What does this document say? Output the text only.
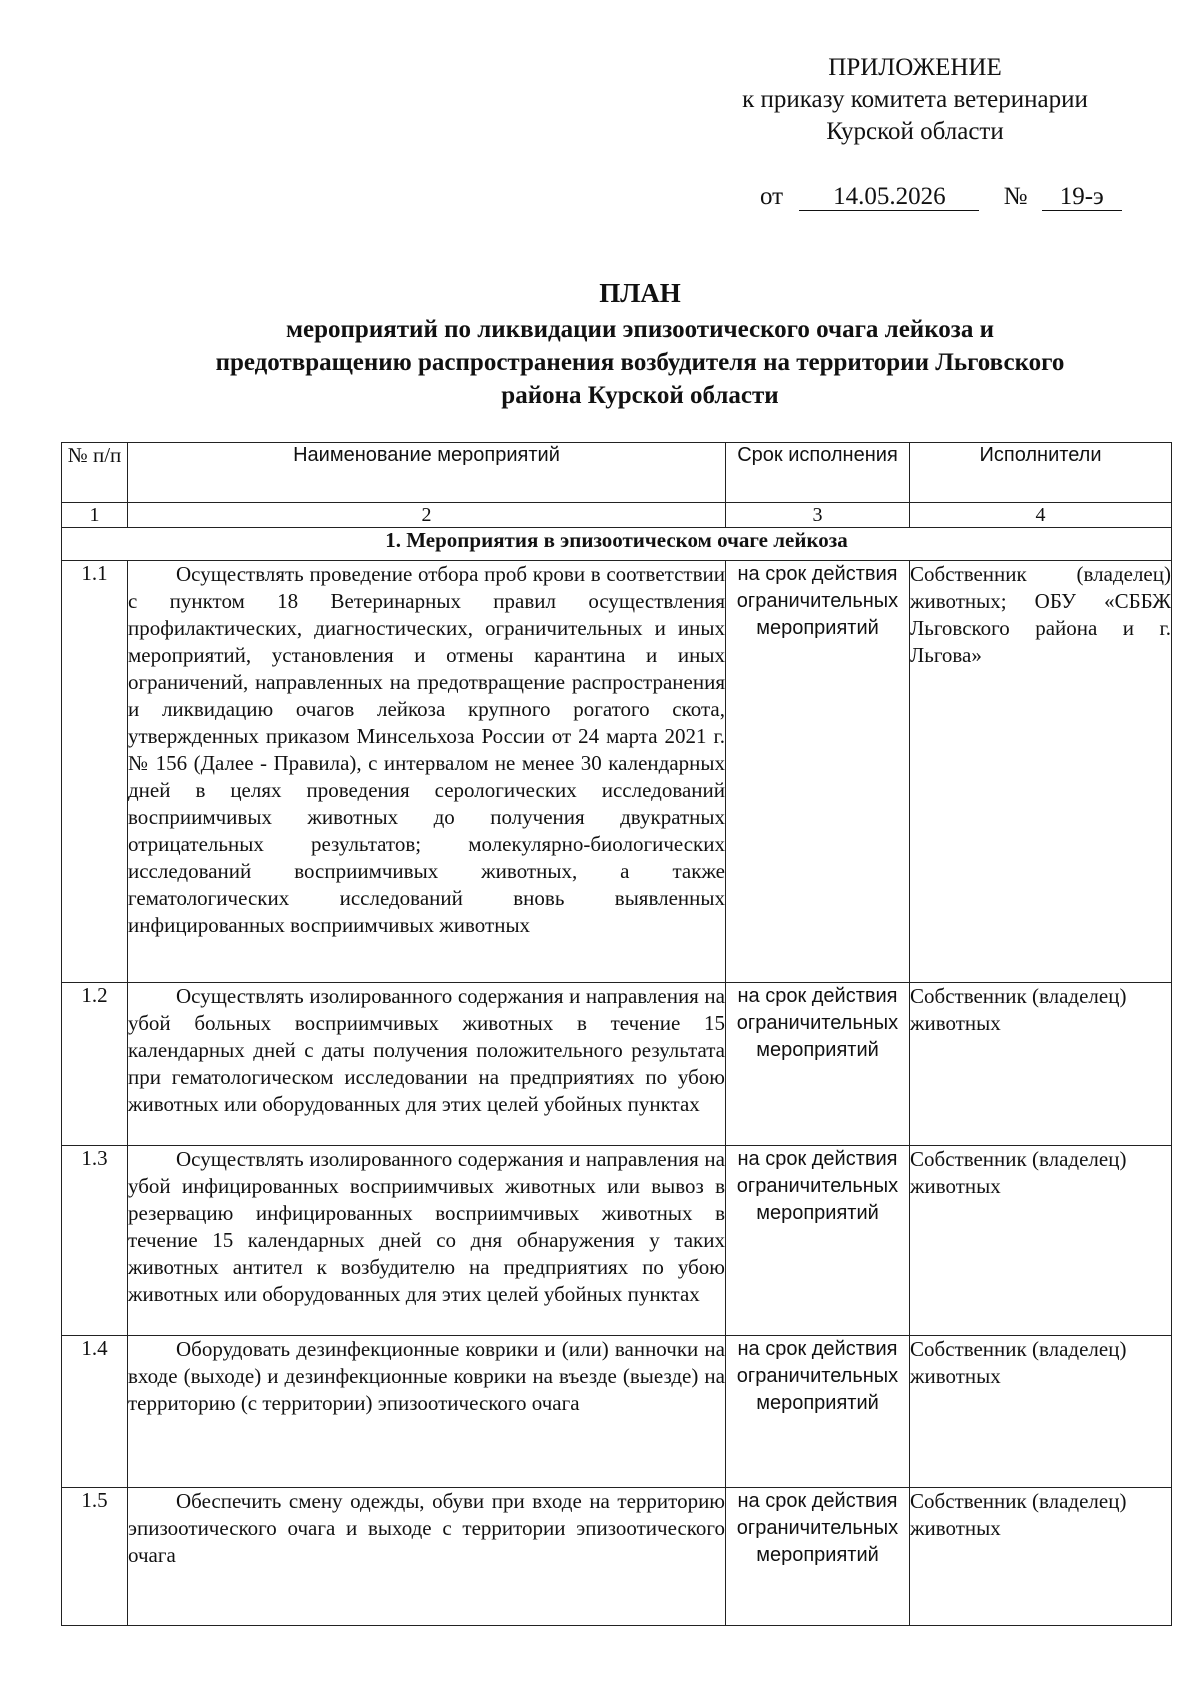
ПРИЛОЖЕНИЕ
к приказу комитета ветеринарии
Курской области
от 14.05.2026 № 19-э
ПЛАН
мероприятий по ликвидации эпизоотического очага лейкоза и
предотвращению распространения возбудителя на территории Льговского
района Курской области
№ п/п	Наименование мероприятий	Срок исполнения	Исполнители
1	2	3	4
1. Мероприятия в эпизоотическом очаге лейкоза			
1.1	Осуществлять проведение отбора проб крови в соответствии с пунктом 18 Ветеринарных правил осуществления профилактических, диагностических, ограничительных и иных мероприятий, установления и отмены карантина и иных ограничений, направленных на предотвращение распространения и ликвидацию очагов лейкоза крупного рогатого скота, утвержденных приказом Минсельхоза России от 24 марта 2021 г. № 156 (Далее - Правила), с интервалом не менее 30 календарных дней в целях проведения серологических исследований восприимчивых животных до получения двукратных отрицательных результатов; молекулярно-биологических исследований восприимчивых животных, а также гематологических исследований вновь выявленных инфицированных восприимчивых животных	на срок действия ограничительных мероприятий	Собственник (владелец) животных; ОБУ «СББЖ Льговского района и г. Льгова»
1.2	Осуществлять изолированного содержания и направления на убой больных восприимчивых животных в течение 15 календарных дней с даты получения положительного результата при гематологическом исследовании на предприятиях по убою животных или оборудованных для этих целей убойных пунктах	на срок действия ограничительных мероприятий	Собственник (владелец) животных
1.3	Осуществлять изолированного содержания и направления на убой инфицированных восприимчивых животных или вывоз в резервацию инфицированных восприимчивых животных в течение 15 календарных дней со дня обнаружения у таких животных антител к возбудителю на предприятиях по убою животных или оборудованных для этих целей убойных пунктах	на срок действия ограничительных мероприятий	Собственник (владелец) животных
1.4	Оборудовать дезинфекционные коврики и (или) ванночки на входе (выходе) и дезинфекционные коврики на въезде (выезде) на территорию (с территории) эпизоотического очага	на срок действия ограничительных мероприятий	Собственник (владелец) животных
1.5	Обеспечить смену одежды, обуви при входе на территорию эпизоотического очага и выходе с территории эпизоотического очага	на срок действия ограничительных мероприятий	Собственник (владелец) животных
